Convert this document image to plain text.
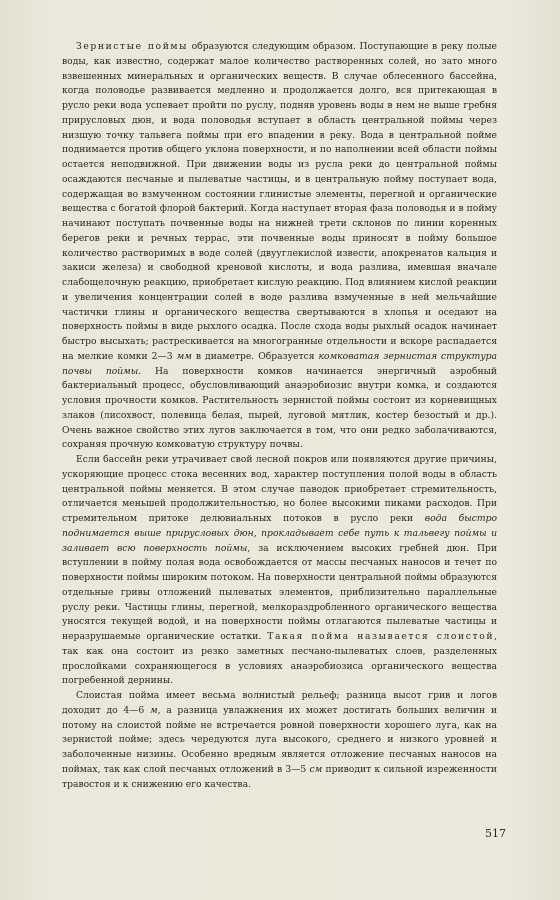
Зернистые поймы образуются следующим образом. Поступающие в реку полые воды, как известно, содержат малое количество растворенных солей, но зато много взвешенных минеральных и органических веществ. В случае облесенного бассейна, когда половодье развивается медленно и продолжается долго, вся притекающая в русло реки вода успевает пройти по руслу, подняв уровень воды в нем не выше гребня прирусловых дюн, и вода половодья вступает в область центральной поймы через низшую точку тальвега поймы при его впадении в реку. Вода в центральной пойме поднимается против общего уклона поверхности, и по наполнении всей области поймы остается неподвижной. При движении воды из русла реки до центральной поймы осаждаются песчаные и пылеватые частицы, и в центральную пойму поступает вода, содержащая во взмученном состоянии глинистые элементы, перегной и органические вещества с богатой флорой бактерий. Когда наступает вторая фаза половодья и в пойму начинают поступать почвенные воды на нижней трети склонов по линии коренных берегов реки и речных террас, эти почвенные воды приносят в пойму большое количество растворимых в воде солей (двууглекислой извести, апокренатов кальция и закиси железа) и свободной креновой кислоты, и вода разлива, имевшая вначале слабощелочную реакцию, приобретает кислую реакцию. Под влиянием кислой реакции и увеличения концентрации солей в воде разлива взмученные в ней мельчайшие частички глины и органического вещества свертываются в хлопья и оседают на поверхность поймы в виде рыхлого осадка. После схода воды рыхлый осадок начинает быстро высыхать; растрескивается на многогранные отдельности и вскоре распадается на мелкие комки 2—3 мм в диаметре. Образуется комковатая зернистая структура почвы поймы. На поверхности комков начинается энергичный аэробный бактериальный процесс, обусловливающий анаэробиозис внутри комка, и создаются условия прочности комков. Растительность зернистой поймы состоит из корневищных злаков (лисохвост, полевица белая, пырей, луговой мятлик, костер безостый и др.). Очень важное свойство этих лугов заключается в том, что они редко заболачиваются, сохраняя прочную комковатую структуру почвы.

Если бассейн реки утрачивает свой лесной покров или появляются другие причины, ускоряющие процесс стока весенних вод, характер поступления полой воды в область центральной поймы меняется. В этом случае паводок приобретает стремительность, отличается меньшей продолжительностью, но более высокими пиками расходов. При стремительном притоке делювиальных потоков в русло реки вода быстро поднимается выше прирусловых дюн, прокладывает себе путь к тальвегу поймы и заливает всю поверхность поймы, за исключением высоких гребней дюн. При вступлении в пойму полая вода освобождается от массы песчаных наносов и течет по поверхности поймы широким потоком. На поверхности центральной поймы образуются отдельные гривы отложений пылеватых элементов, приблизительно параллельные руслу реки. Частицы глины, перегной, мелкораздробленного органического вещества уносятся текущей водой, и на поверхности поймы отлагаются пылеватые частицы и неразрушаемые органические остатки. Такая пойма называется слоистой, так как она состоит из резко заметных песчано-пылеватых слоев, разделенных прослойками сохраняющегося в условиях анаэробиозиса органического вещества погребенной дернины.

Слоистая пойма имеет весьма волнистый рельеф; разница высот грив и логов доходит до 4—6 м, а разница увлажнения их может достигать больших величин и потому на слоистой пойме не встречается ровной поверхности хорошего луга, как на зернистой пойме; здесь чередуются луга высокого, среднего и низкого уровней и заболоченные низины. Особенно вредным является отложение песчаных наносов на поймах, так как слой песчаных отложений в 3—5 см приводит к сильной изреженности травостоя и к снижению его качества.

517
